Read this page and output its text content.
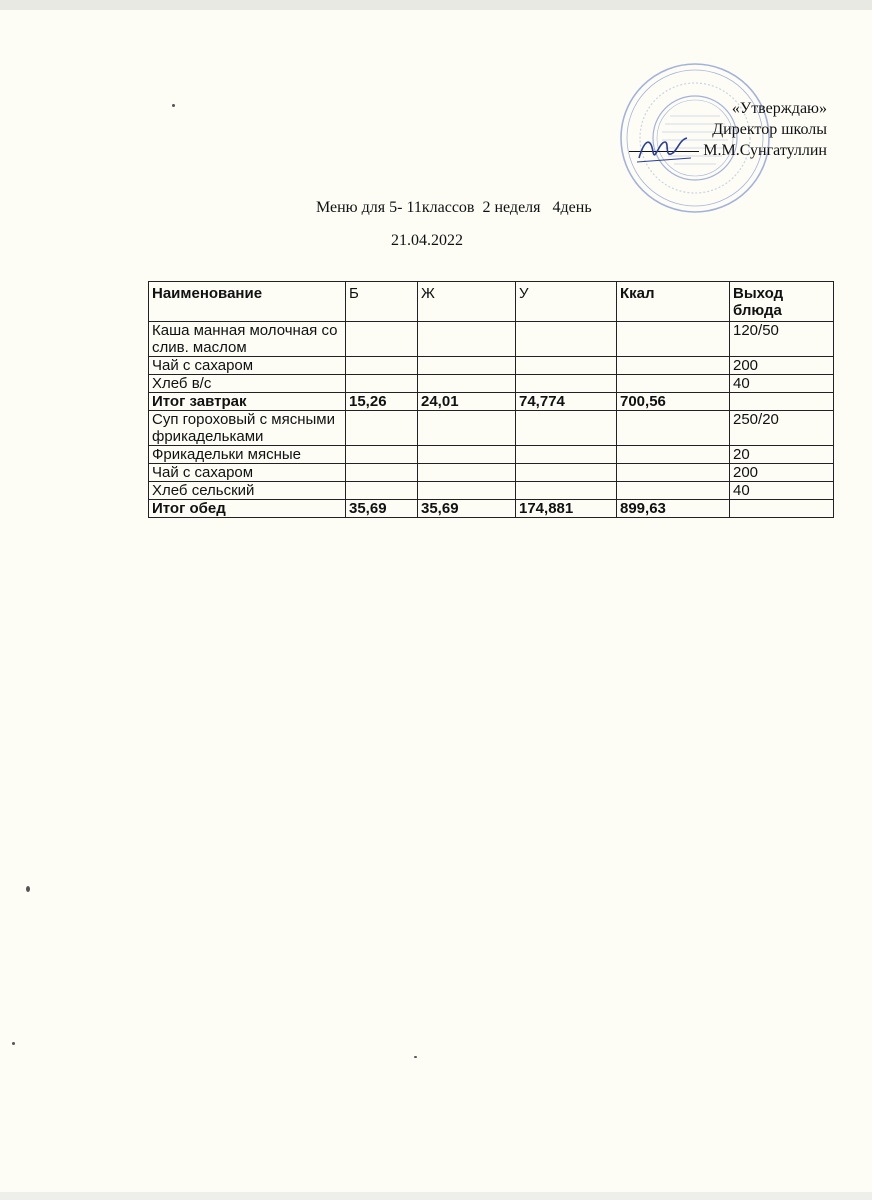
«Утверждаю»
Директор школы
М.М.Сунгатуллин
Меню для 5- 11классов  2 неделя   4день
21.04.2022
Наименование	Б	Ж	У	Ккал	Выход блюда
Каша манная молочная со слив. маслом					120/50
Чай с сахаром					200
Хлеб в/с					40
Итог завтрак	15,26	24,01	74,774	700,56	
Суп гороховый с мясными фрикадельками					250/20
Фрикадельки мясные					20
Чай с сахаром					200
Хлеб сельский					40
Итог обед	35,69	35,69	174,881	899,63	
